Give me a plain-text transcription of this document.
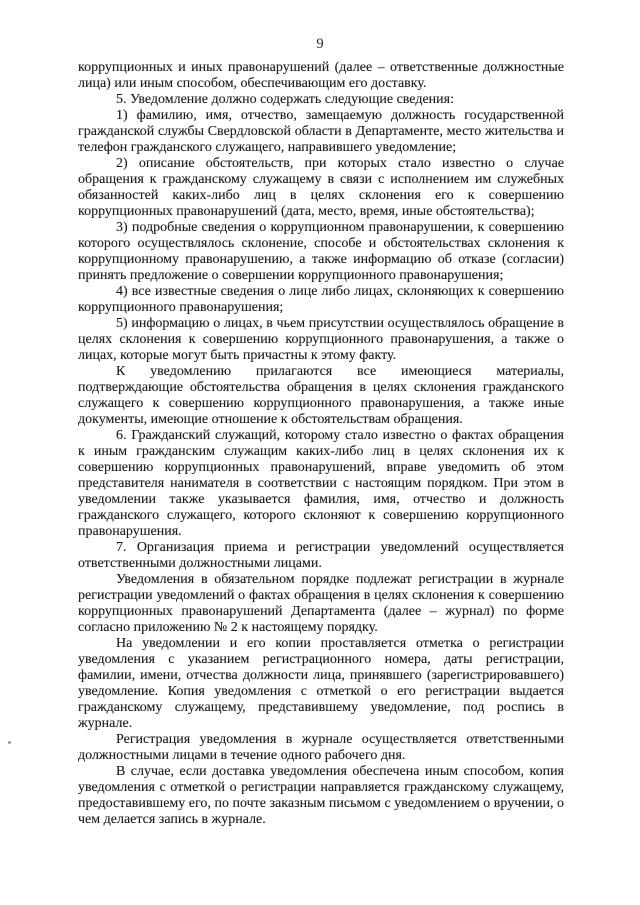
9

коррупционных и иных правонарушений (далее – ответственные должностные лица) или иным способом, обеспечивающим его доставку.

5. Уведомление должно содержать следующие сведения:

1) фамилию, имя, отчество, замещаемую должность государственной гражданской службы Свердловской области в Департаменте, место жительства и телефон гражданского служащего, направившего уведомление;

2) описание обстоятельств, при которых стало известно о случае обращения к гражданскому служащему в связи с исполнением им служебных обязанностей каких-либо лиц в целях склонения его к совершению коррупционных правонарушений (дата, место, время, иные обстоятельства);

3) подробные сведения о коррупционном правонарушении, к совершению которого осуществлялось склонение, способе и обстоятельствах склонения к коррупционному правонарушению, а также информацию об отказе (согласии) принять предложение о совершении коррупционного правонарушения;

4) все известные сведения о лице либо лицах, склоняющих к совершению коррупционного правонарушения;

5) информацию о лицах, в чьем присутствии осуществлялось обращение в целях склонения к совершению коррупционного правонарушения, а также о лицах, которые могут быть причастны к этому факту.

К уведомлению прилагаются все имеющиеся материалы, подтверждающие обстоятельства обращения в целях склонения гражданского служащего к совершению коррупционного правонарушения, а также иные документы, имеющие отношение к обстоятельствам обращения.

6. Гражданский служащий, которому стало известно о фактах обращения к иным гражданским служащим каких-либо лиц в целях склонения их к совершению коррупционных правонарушений, вправе уведомить об этом представителя нанимателя в соответствии с настоящим порядком. При этом в уведомлении также указывается фамилия, имя, отчество и должность гражданского служащего, которого склоняют к совершению коррупционного правонарушения.

7. Организация приема и регистрации уведомлений осуществляется ответственными должностными лицами.

Уведомления в обязательном порядке подлежат регистрации в журнале регистрации уведомлений о фактах обращения в целях склонения к совершению коррупционных правонарушений Департамента (далее – журнал) по форме согласно приложению № 2 к настоящему порядку.

На уведомлении и его копии проставляется отметка о регистрации уведомления с указанием регистрационного номера, даты регистрации, фамилии, имени, отчества должности лица, принявшего (зарегистрировавшего) уведомление. Копия уведомления с отметкой о его регистрации выдается гражданскому служащему, представившему уведомление, под роспись в журнале.

Регистрация уведомления в журнале осуществляется ответственными должностными лицами в течение одного рабочего дня.

В случае, если доставка уведомления обеспечена иным способом, копия уведомления с отметкой о регистрации направляется гражданскому служащему, предоставившему его, по почте заказным письмом с уведомлением о вручении, о чем делается запись в журнале.
